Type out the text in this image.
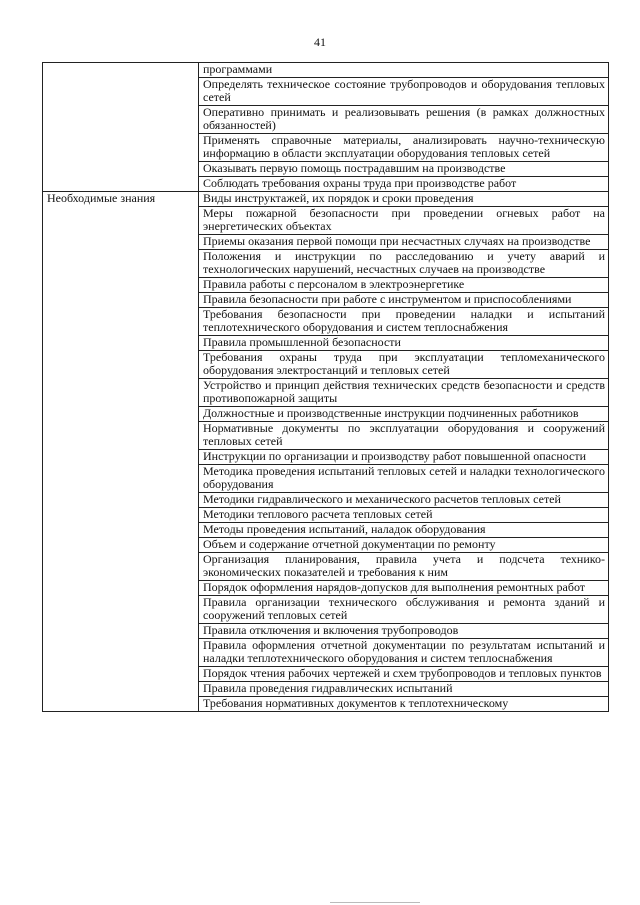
41
	программами
	Определять техническое состояние трубопроводов и оборудования тепловых сетей
	Оперативно принимать и реализовывать решения (в рамках должностных обязанностей)
	Применять справочные материалы, анализировать научно-техническую информацию в области эксплуатации оборудования тепловых сетей
	Оказывать первую помощь пострадавшим на производстве
	Соблюдать требования охраны труда при производстве работ
Необходимые знания	Виды инструктажей, их порядок и сроки проведения
	Меры пожарной безопасности при проведении огневых работ на энергетических объектах
	Приемы оказания первой помощи при несчастных случаях на производстве
	Положения и инструкции по расследованию и учету аварий и технологических нарушений, несчастных случаев на производстве
	Правила работы с персоналом в электроэнергетике
	Правила безопасности при работе с инструментом и приспособлениями
	Требования безопасности при проведении наладки и испытаний теплотехнического оборудования и систем теплоснабжения
	Правила промышленной безопасности
	Требования охраны труда при эксплуатации тепломеханического оборудования электростанций и тепловых сетей
	Устройство и принцип действия технических средств безопасности и средств противопожарной защиты
	Должностные и производственные инструкции подчиненных работников
	Нормативные документы по эксплуатации оборудования и сооружений тепловых сетей
	Инструкции по организации и производству работ повышенной опасности
	Методика проведения испытаний тепловых сетей и наладки технологического оборудования
	Методики гидравлического и механического расчетов тепловых сетей
	Методики теплового расчета тепловых сетей
	Методы проведения испытаний, наладок оборудования
	Объем и содержание отчетной документации по ремонту
	Организация планирования, правила учета и подсчета технико-экономических показателей и требования к ним
	Порядок оформления нарядов-допусков для выполнения ремонтных работ
	Правила организации технического обслуживания и ремонта зданий и сооружений тепловых сетей
	Правила отключения и включения трубопроводов
	Правила оформления отчетной документации по результатам испытаний и наладки теплотехнического оборудования и систем теплоснабжения
	Порядок чтения рабочих чертежей и схем трубопроводов и тепловых пунктов
	Правила проведения гидравлических испытаний
	Требования нормативных документов к теплотехническому
